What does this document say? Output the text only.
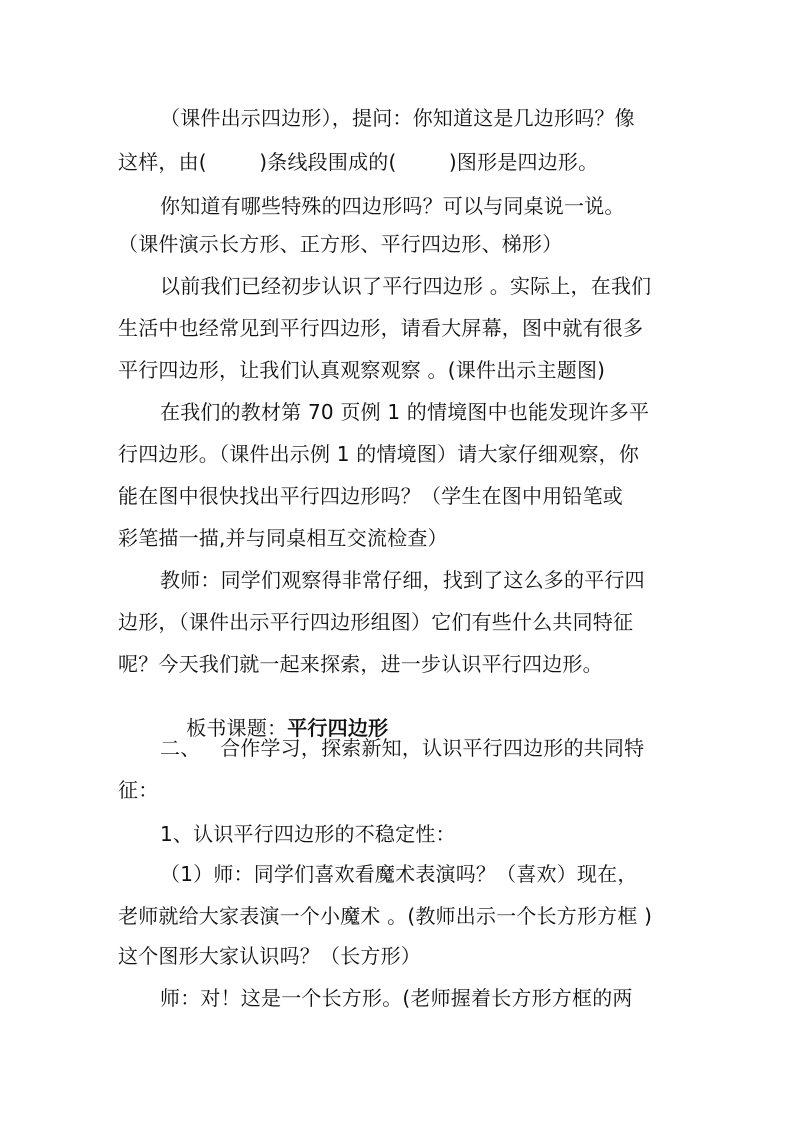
（课件出示四边形），提问：你知道这是几边形吗？像
这样，由(        )条线段围成的(        )图形是四边形。
你知道有哪些特殊的四边形吗？可以与同桌说一说。
（课件演示长方形、正方形、平行四边形、梯形）
以前我们已经初步认识了平行四边形 。实际上，在我们
生活中也经常见到平行四边形，请看大屏幕，图中就有很多
平行四边形，让我们认真观察观察 。(课件出示主题图)
在我们的教材第 70 页例 1 的情境图中也能发现许多平
行四边形。（课件出示例 1 的情境图）请大家仔细观察，你
能在图中很快找出平行四边形吗？（学生在图中用铅笔或
彩笔描一描,并与同桌相互交流检查）
教师：同学们观察得非常仔细，找到了这么多的平行四
边形，（课件出示平行四边形组图）它们有些什么共同特征
呢？今天我们就一起来探索，进一步认识平行四边形。

板书课题：平行四边形

二、   合作学习，探索新知，认识平行四边形的共同特
征：
1、认识平行四边形的不稳定性：
（1）师：同学们喜欢看魔术表演吗？（喜欢）现在，
老师就给大家表演一个小魔术 。(教师出示一个长方形方框 )
这个图形大家认识吗？（长方形）
师：对！这是一个长方形。(老师握着长方形方框的两
